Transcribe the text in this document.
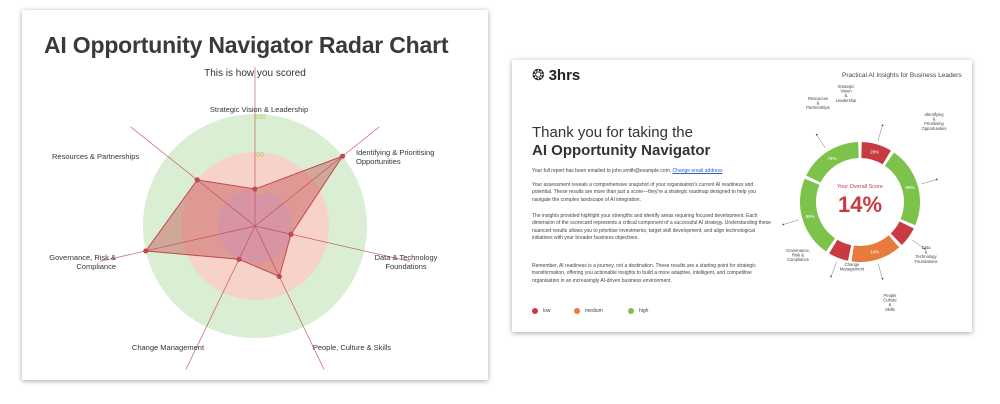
33
66
100
Strategic Vision & Leadership
Identifying & Prioritising Opportunities
Data & Technology Foundations
People, Culture & Skills
Change Management
Governance, Risk & Compliance
Resources & Partnerships
AI Opportunity Navigator Radar Chart
This is how you scored	❂ 3hrs	Practical AI Insights for Business Leaders
Thank you for taking the
AI Opportunity Navigator

Your full report has been emailed to john.smith@example.com. Change email address

Your assessment reveals a comprehensive snapshot of your organisation's current AI readiness and potential. These results are more than just a score—they're a strategic roadmap designed to help you navigate the complex landscape of AI integration.

The insights provided highlight your strengths and identify areas requiring focused development. Each dimension of the scorecard represents a critical component of a successful AI strategy. Understanding these nuanced results allows you to prioritise investments, target skill development, and align technological initiatives with your broader business objectives.

Remember, AI readiness is a journey, not a destination. These results are a starting point for strategic transformation, offering you actionable insights to build a more adaptive, intelligent, and competitive organisation in an increasingly AI-driven business environment.

low	medium	high
28%
99%
14%
99%
79%
Your Overall Score
14%
Strategic Vision & Leadership
Identifying & Prioritising Opportunities
Data & Technology Foundations
People Culture & Skills
Change Management
Governance, Risk & Compliance
Resources & Partnerships
